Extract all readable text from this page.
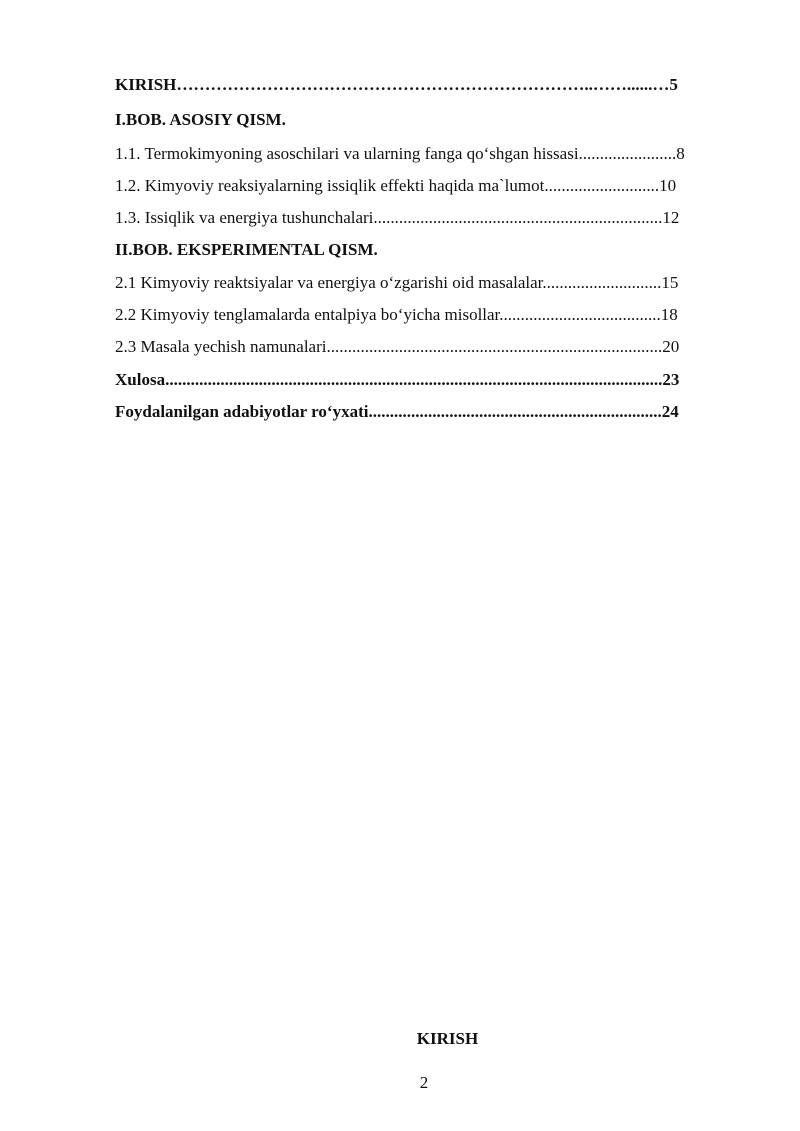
KIRISH………………………………………………………………..……......…5
I.BOB. ASOSIY QISM.
1.1. Termokimyoning asoschilari va ularning fanga qo‘shgan hissasi.......................8
1.2. Kimyoviy reaksiyalarning issiqlik effekti haqida ma`lumot...........................10
1.3. Issiqlik va energiya tushunchalari....................................................................12
II.BOB. EKSPERIMENTAL QISM.
2.1 Kimyoviy reaktsiyalar va energiya o‘zgarishi oid masalalar............................15
2.2 Kimyoviy tenglamalarda entalpiya bo‘yicha misollar......................................18
2.3 Masala yechish namunalari...............................................................................20
Xulosa.....................................................................................................................23
Foydalanilgan adabiyotlar ro‘yxati.....................................................................24
KIRISH
2
